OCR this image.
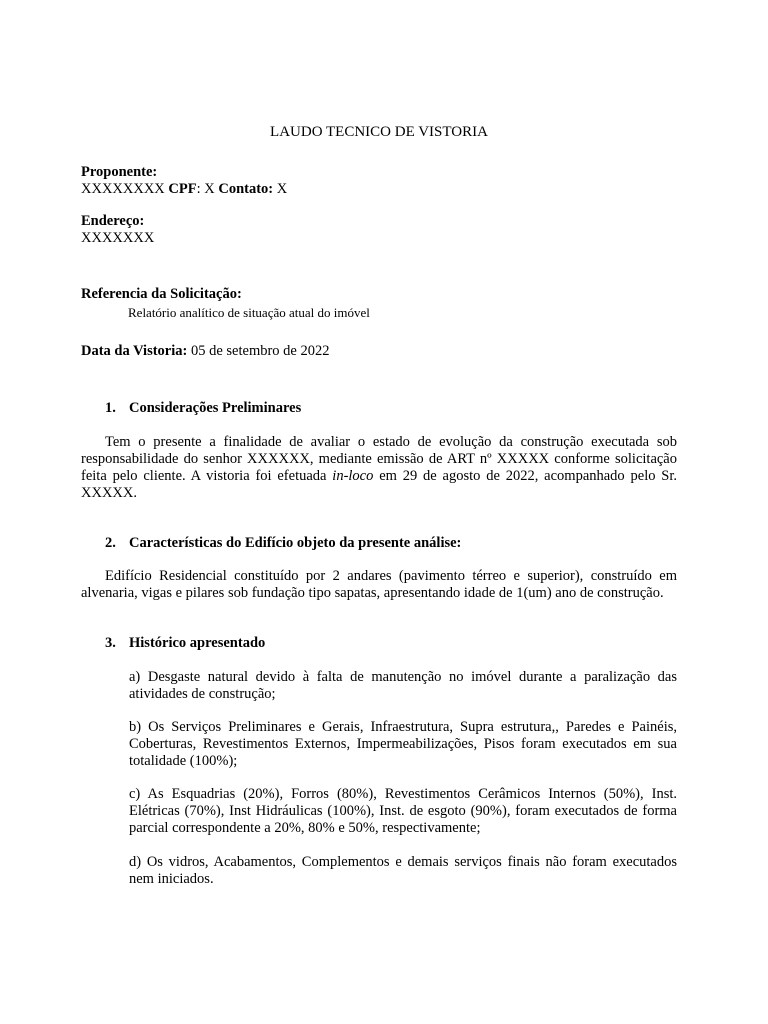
LAUDO TECNICO DE VISTORIA
Proponente:
XXXXXXXX CPF: X Contato: X
Endereço:
XXXXXXX
Referencia da Solicitação:
Relatório analítico de situação atual do imóvel
Data da Vistoria: 05 de setembro de 2022
1. Considerações Preliminares
Tem o presente a finalidade de avaliar o estado de evolução da construção executada sob responsabilidade do senhor XXXXXX, mediante emissão de ART nº XXXXX conforme solicitação feita pelo cliente. A vistoria foi efetuada in-loco em 29 de agosto de 2022, acompanhado pelo Sr. XXXXX.
2. Características do Edifício objeto da presente análise:
Edifício Residencial constituído por 2 andares (pavimento térreo e superior), construído em alvenaria, vigas e pilares sob fundação tipo sapatas, apresentando idade de 1(um) ano de construção.
3. Histórico apresentado
a) Desgaste natural devido à falta de manutenção no imóvel durante a paralização das atividades de construção;
b) Os Serviços Preliminares e Gerais, Infraestrutura, Supra estrutura,, Paredes e Painéis, Coberturas, Revestimentos Externos, Impermeabilizações, Pisos foram executados em sua totalidade (100%);
c) As Esquadrias (20%), Forros (80%), Revestimentos Cerâmicos Internos (50%), Inst. Elétricas (70%), Inst Hidráulicas (100%), Inst. de esgoto (90%), foram executados de forma parcial correspondente a 20%, 80% e 50%, respectivamente;
d) Os vidros, Acabamentos, Complementos e demais serviços finais não foram executados nem iniciados.
